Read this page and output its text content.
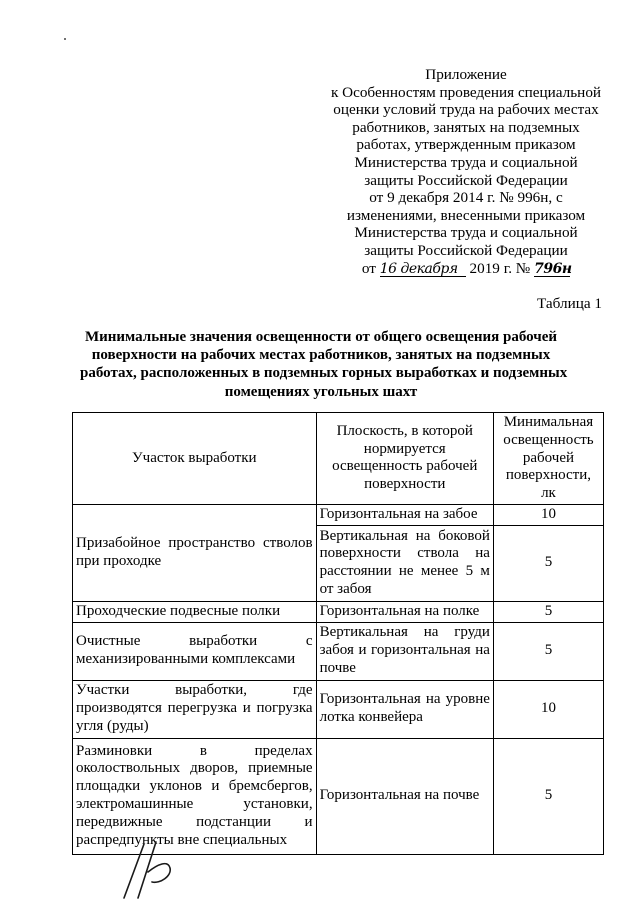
Приложение
к Особенностям проведения специальной
оценки условий труда на рабочих местах
работников, занятых на подземных
работах, утвержденным приказом
Министерства труда и социальной
защиты Российской Федерации
от 9 декабря 2014 г. № 996н, с
изменениями, внесенными приказом
Министерства труда и социальной
защиты Российской Федерации
от 16 декабря 2019 г. № 796н
Таблица 1
Минимальные значения освещенности от общего освещения рабочей
поверхности на рабочих местах работников, занятых на подземных
работах, расположенных в подземных горных выработках и подземных
помещениях угольных шахт
Участок выработки	Плоскость, в которой нормируется освещенность рабочей поверхности	Минимальная освещенность рабочей поверхности, лк
Призабойное пространство стволов при проходке	Горизонтальная на забое	10
	Вертикальная на боковой поверхности ствола на расстоянии не менее 5 м от забоя	5
Проходческие подвесные полки	Горизонтальная на полке	5
Очистные выработки с механизированными комплексами	Вертикальная на груди забоя и горизонтальная на почве	5
Участки выработки, где производятся перегрузка и погрузка угля (руды)	Горизонтальная на уровне лотка конвейера	10
Разминовки в пределах околоствольных дворов, приемные площадки уклонов и бремсбергов, электромашинные установки, передвижные подстанции и распредпункты вне специальных	Горизонтальная на почве	5
